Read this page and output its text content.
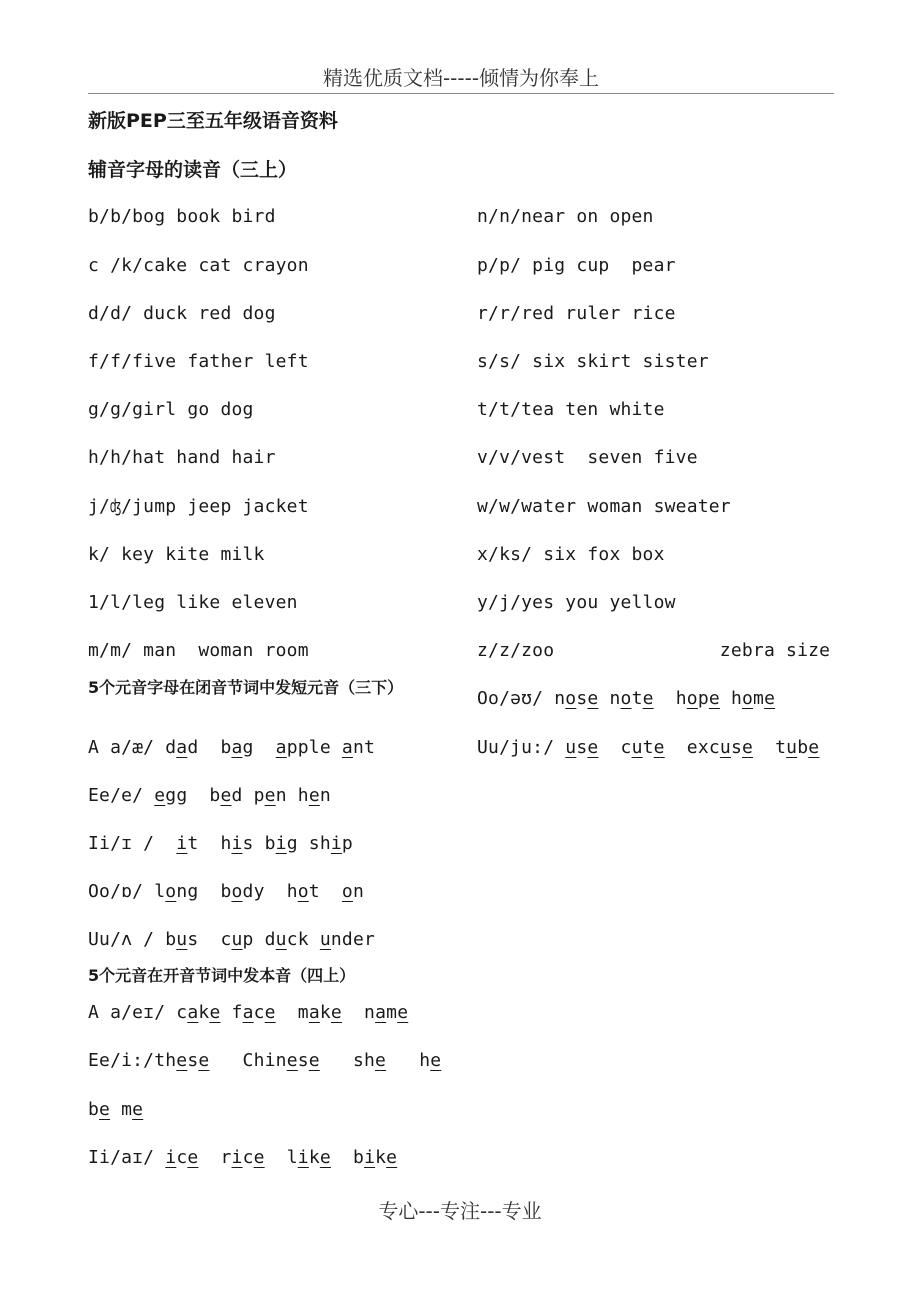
精选优质文档-----倾情为你奉上
新版PEP三至五年级语音资料
辅音字母的读音（三上）
5个元音字母在闭音节词中发短元音（三下）
5个元音在开音节词中发本音（四上）
b/b/bog book bird
c /k/cake cat crayon
d/d/ duck red dog
f/f/five father left
g/g/girl go dog
h/h/hat hand hair
j/ʤ/jump jeep jacket
k/ key kite milk
1/l/leg like eleven
m/m/ man  woman room
n/n/near on open
p/p/ pig cup  pear
r/r/red ruler rice
s/s/ six skirt sister
t/t/tea ten white
v/v/vest  seven five
w/w/water woman sweater
x/ks/ six fox box
y/j/yes you yellow
z/z/zoo               zebra size
A a/æ/ dad  bag  apple ant
Ee/e/ egg  bed pen hen
Ii/ɪ /  it  his big ship
Oo/ɒ/ long  body  hot  on
Uu/ʌ / bus  cup duck under
Oo/əʊ/ nose note  hope home
Uu/ju:/ use  cute  excuse  tube
A a/eɪ/ cake face  make  name
Ee/i:/these   Chinese   she   he
be me
Ii/aɪ/ ice  rice  like  bike
专心---专注---专业
